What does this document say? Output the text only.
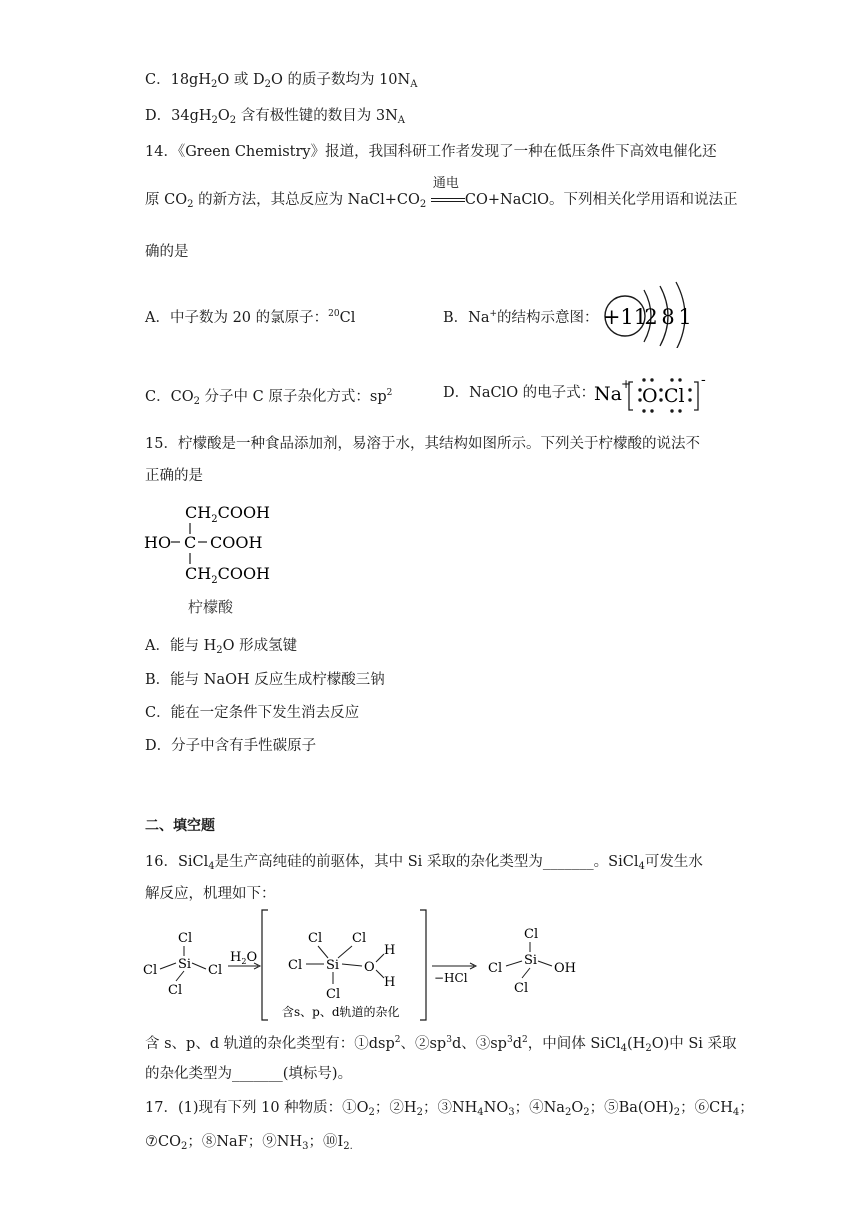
C．$18gH_2O$ 或 $D_2O$ 的质子数均为 $10N_A$
D．$34gH_2O_2$ 含有极性键的数目为 $3N_A$
14．《Green Chemistry》报道，我国科研工作者发现了一种在低压条件下高效电催化还
原 $CO_2$ 的新方法，其总反应为 $NaCl+CO_2$
通电
CO+NaClO。下列相关化学用语和说法正
确的是
A．中子数为 20 的氯原子：$^{20}$Cl	B．Na+的结构示意图： +11
2 8 1
C．$CO_2$ 分子中 C 原子杂化方式：$sp^2$	D．NaClO 的电子式：
Na +
O Cl
-
15．柠檬酸是一种食品添加剂，易溶于水，其结构如图所示。下列关于柠檬酸的说法不
正确的是
$CH_2COOH$
HO C COOH
$CH_2COOH$
柠檬酸
A．能与 $H_2O$ 形成氢键
B．能与 NaOH 反应生成柠檬酸三钠
C．能在一定条件下发生消去反应
D．分子中含有手性碳原子
二、填空题
16．SiCl$_4$是生产高纯硅的前驱体，其中 Si 采取的杂化类型为_______。SiCl$_4$可发生水
解反应，机理如下：
Cl
Si
Cl	Cl
Cl
$H_2O$
Cl Cl
Cl Si O
H
H
Cl
含s、p、d轨道的杂化
−HCl
Cl
Si
Cl	OH
Cl
含 s、p、d 轨道的杂化类型有：①dsp$^2$、$②sp^3d$、$③sp^3d^2$，中间体 $SiCl_4(H_2O)$中 Si 采取
的杂化类型为_______(填标号)。
17．(1)现有下列 10 种物质：$①O_2$；$②H_2$；$③NH_4NO_3$；$④Na_2O_2$；$⑤Ba(OH)_2$；$⑥CH_4$；
$⑦CO_2$；⑧NaF；$⑨NH_3$；$⑩I_{2.}$
